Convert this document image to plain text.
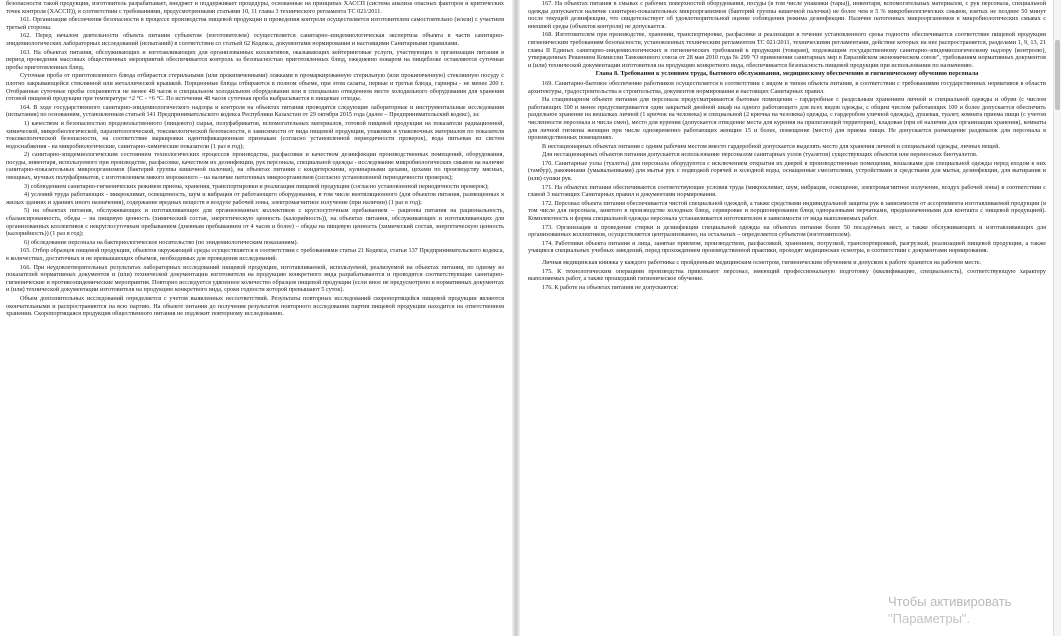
безопасности такой продукции, изготовитель разрабатывает, внедряет и поддерживает процедуры, основанные на принципах ХАССП (система анализа опасных факторов и критических точек контроля (ХАССП)), в соответствии с требованиями, предусмотренными статьями 10, 11 главы 3 технического регламента ТС 021/2011.

161. Организация обеспечения безопасности в процессе производства пищевой продукции и проведения контроля осуществляется изготовителем самостоятельно (и/или) с участием третьей стороны.

162. Перед началом деятельности объекта питания субъектом (изготовителем) осуществляется санитарно-эпидемиологическая экспертиза объекта в части санитарно-эпидемиологических лабораторных исследований (испытаний) в соответствии со статьей 62 Кодекса, документами нормирования и настоящими Санитарными правилами.

163. На объектах питания, обслуживающих и изготавливающих для организованных коллективов, оказывающих кейтеринговые услуги, участвующих в организации питания в период проведения массовых общественных мероприятий обеспечивается контроль за безопасностью приготовленных блюд, ежедневно поваром на пищеблоке оставляются суточные пробы приготовленных блюд.

Суточная проба от приготовленного блюда отбирается стерильными (или прокипяченными) ложками в промаркированную стерильную (или прокипяченную) стеклянную посуду с плотно закрывающейся стеклянной или металлической крышкой. Порционные блюда отбираются в полном объеме, при этом салаты, первые и третьи блюда, гарниры - не менее 200 г. Отобранные суточные пробы сохраняются не менее 48 часов в специальном холодильном оборудовании или в специально отведенном месте холодильного оборудования для хранения готовой пищевой продукции при температуре +2 °С - +6 °С. По истечении 48 часов суточная проба выбрасывается в пищевые отходы.

164. В ходе государственного санитарно-эпидемиологического надзора и контроля на объектах питания проводятся следующие лабораторные и инструментальные исследования (испытания) по основаниям, установленным статьей 141 Предпринимательского кодекса Республики Казахстан от 29 октября 2015 года (далее – Предпринимательский кодекс), за:

1) качеством и безопасностью продовольственного (пищевого) сырья, полуфабрикатов, вспомогательных материалов, готовой пищевой продукции на показатели радиационной, химической, микробиологической, паразитологической, токсикологической безопасности, в зависимости от вида пищевой продукции, упаковки и упаковочных материалов по показателя токсикологической безопасности, на соответствие маркировки идентификационным признакам (согласно установленной периодичности проверок), вода питьевая из систем водоснабжения - на микробиологические, санитарно-химические показатели (1 раз в год);

2) санитарно-эпидемиологическим состоянием технологических процессов производства, расфасовки и качеством дезинфекции производственных помещений, оборудования, посуды, инвентаря, используемого при производстве, расфасовке, качеством их дезинфекции, рук персонала, специальной одежды - исследование микробиологических смывов на наличие санитарно-показательных микроорганизмов (бактерий группы кишечной палочки), на объектах питания с кондитерскими, кулинарными цехами, цехами по производству мясных, овощных, мучных полуфабрикатов, с изготовлением мякого мороженого – на наличие патогенных микроорганизмов (согласно установленной периодичности проверок);

3) соблюдением санитарно-гигиенических режимов приема, хранения, транспортировки и реализации пищевой продукции (согласно установленной периодичности проверок);

4) условий труда работающих - микроклимат, освещенность, шум и вибрация от работающего оборудования, в том числе вентиляционного (для объектов питания, размещенных в жилых зданиях и зданиях иного назначения), содержание вредных веществ в воздухе рабочей зоны, электромагнитное излучение (при наличии) (1 раз в год);

5) на объектах питания, обслуживающих и изготавливающих для организованных коллективов с круглосуточным пребыванием – рационы питания на рациональность, сбалансированность, обеды – на пищевую ценность (химический состав, энергетическую ценность (калорийность)), на объектах питания, обслуживающих и изготавливающих для организованных коллективов с некруглосуточным пребыванием (дневным пребыванием от 4 часов и более) – обеды на пищевую ценность (химический состав, энергетическую ценность (калорийность)) (1 раз в год);

6) обследование персонала на бактериологическое носительство (по эпидемиологическим показаниям).

165. Отбор образцов пищевой продукции, объектов окружающей среды осуществляется в соответствии с требованиями статьи 21 Кодекса, статьи 137 Предпринимательского кодекса, в количествах, достаточных и не превышающих объемов, необходимых для проведения исследований.

166. При неудовлетворительных результатах лабораторных исследований пищевой продукции, изготавливаемой, используемой, реализуемой на объектах питания, по одному из показателей нормативных документов и (или) технической документации изготовителя на продукцию конкретного вида разрабатываются и проводятся соответствующие санитарно-гигиенические и противоэпидемические мероприятия. Повторно исследуется удвоенное количество образцов пищевой продукции (если иное не предусмотрено в нормативных документах и (или) технической документации изготовителя на продукцию конкретного вида, сроки годности которой превышают 5 суток).

Объем дополнительных исследований определяется с учетом выявленных несоответствий. Результаты повторных исследований скоропортящейся пищевой продукции являются окончательными и распространяются на всю партию. На объекте питания до получения результатов повторного исследования партия пищевой продукции находится на ответственном хранении. Скоропортящаяся продукция общественного питания не подлежит повторному исследованию.

167. На объектах питания в смывах с рабочих поверхностей оборудования, посуды (в том числе упаковки (тары)), инвентаря, вспомогательных материалов, с рук персонала, специальной одежды допускается наличие санитарно-показательных микроорганизмов (бактерий группы кишечной палочки) не более чем в 5 % микробиологических смывов, взятых не позднее 50 минут после текущей дезинфекции, что свидетельствует об удовлетворительной оценке соблюдения режима дезинфекции. Наличие патогенных микроорганизмов в микробиологических смывах с внешней среды (объектов контроля) не допускается.

168. Изготовителем при производстве, хранении, транспортировке, расфасовке и реализации в течение установленного срока годности обеспечивается соответствие пищевой продукции гигиеническим требованиям безопасности, установленных техническим регламентом ТС 021/2011, техническими регламентами, действие которых на нее распространяется, разделами 1, 9, 13, 21 главы II Единых санитарно-эпидемиологических и гигиенических требований к продукции (товарам), подлежащим государственному санитарно-эпидемиологическому надзору (контролю), утвержденных Решением Комиссии Таможенного союза от 28 мая 2010 года № 299 "О применении санитарных мер в Евразийском экономическом союзе", требованиям нормативных документов и (или) технической документации изготовителя на продукцию конкретного вида, обеспечивается безопасность пищевой продукции при использовании по назначению.

Глава 8. Требования к условиям труда, бытового обслуживания, медицинскому обеспечению и гигиеническому обучению персонала

169. Санитарно-бытовое обеспечение работников осуществляется в соответствии с видом и типом объекта питания, в соответствии с требованиями государственных нормативов в области архитектуры, градостроительства и строительства, документов нормирования и настоящих Санитарных правил.

На стационарном объекте питания для персонала предусматриваются бытовые помещения - гардеробные с раздельным хранением личной и специальной одежды и обуви (с числом работающих 100 и менее предусматривается один закрытый двойной шкаф на одного работающего для всех видов одежды, с общим числом работающих 100 и более допускается обеспечить раздельное хранение на вешалках личной (1 крючок на человека) и специальной (2 крючка на человека) одежды, с гардеробом уличной одежды), душевая, туалет, комната приема пищи (с учетом численности персонала и числа смен), место для курения (допускается отведение места для курения на прилегающей территории), кладовая (при её наличии для организации хранения), комнаты для личной гигиены женщин при числе одновременно работающих женщин 15 и более, помещение (место) для приема пищи. Не допускается размещение раздевалок для персонала в производственных помещениях.

В нестационарных объектах питания с одним рабочим местом вместо гардеробной допускается выделять место для хранения личной и специальной одежды, личных вещей.

Для нестационарных объектов питания допускается использование персоналом санитарных узлов (туалетов) существующих объектов или переносных биотуалетов.

170. Санитарные узлы (туалеты) для персонала оборудуются с исключением открытия их дверей в производственные помещения, вешалками для специальной одежды перед входом в них (тамбур), раковинами (умывальниками) для мытья рук с подводкой горячей и холодной воды, оснащенные смесителями, устройствами и средствами для мытья, дезинфекции, для вытирания и (или) сушки рук.

171. На объектах питания обеспечиваются соответствующие условия труда (микроклимат, шум, вибрация, освещение, электромагнитное излучение, воздух рабочей зоны) в соответствии с главой 3 настоящих Санитарных правил и документами нормирования.

172. Персонал объекта питания обеспечивается чистой специальной одеждой, а также средствами индивидуальной защиты рук в зависимости от ассортимента изготавливаемой продукции (в том числе для персонала, занятого в производстве холодных блюд, сервировке и порционировании блюд одноразовыми перчатками, предназначенными для контакта с пищевой продукцией). Комплектность и форма специальной одежды персонала устанавливается изготовителем в зависимости от вида выполняемых работ.

173. Организация и проведение стирки и дезинфекции специальной одежды на объектах питания более 50 посадочных мест, а также обслуживающих и изготавливающих для организованных коллективов, осуществляется централизованно, на остальных – определяется субъектом (изготовителем).

174. Работники объекта питания и лица, занятые приемом, производством, расфасовкой, хранением, погрузкой, транспортировкой, разгрузкой, реализацией пищевой продукции, а также учащиеся специальных учебных заведений, перед прохождением производственной практики, проходят медицинские осмотры, в соответствии с документами нормирования.

Личная медицинская книжка у каждого работника с пройденным медицинским осмотром, гигиеническим обучением и допуском к работе хранится на рабочем месте.

175. К технологическим операциям производства привлекают персонал, имеющий профессиональную подготовку (квалификацию, специальность), соответствующую характеру выполняемых работ, а также прошедший гигиеническое обучение.

176. К работе на объектах питания не допускаются:

Чтобы активировать
"Параметры".
